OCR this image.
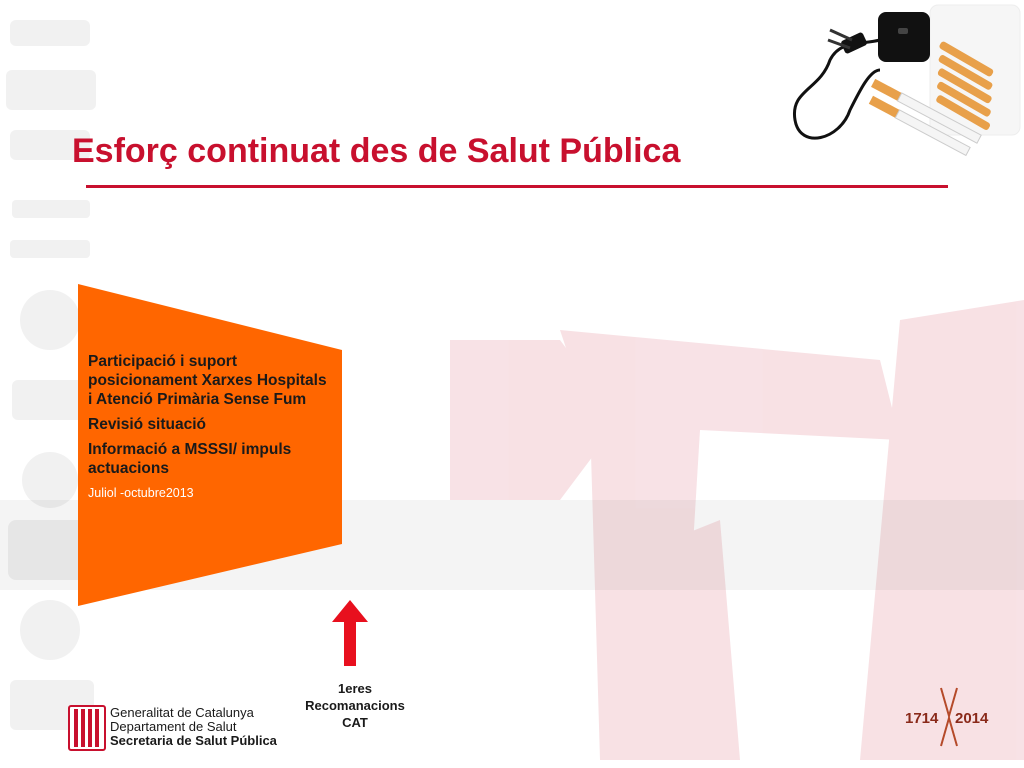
Esforç continuat des de Salut Pública

Participació i suport posicionament Xarxes Hospitals i Atenció Primària Sense Fum

Revisió situació

Informació a MSSSI/ impuls actuacions

Juliol -octubre2013

1eres
Recomanacions
CAT
Generalitat de Catalunya
Departament de Salut
Secretaria de Salut Pública
1714 2014
